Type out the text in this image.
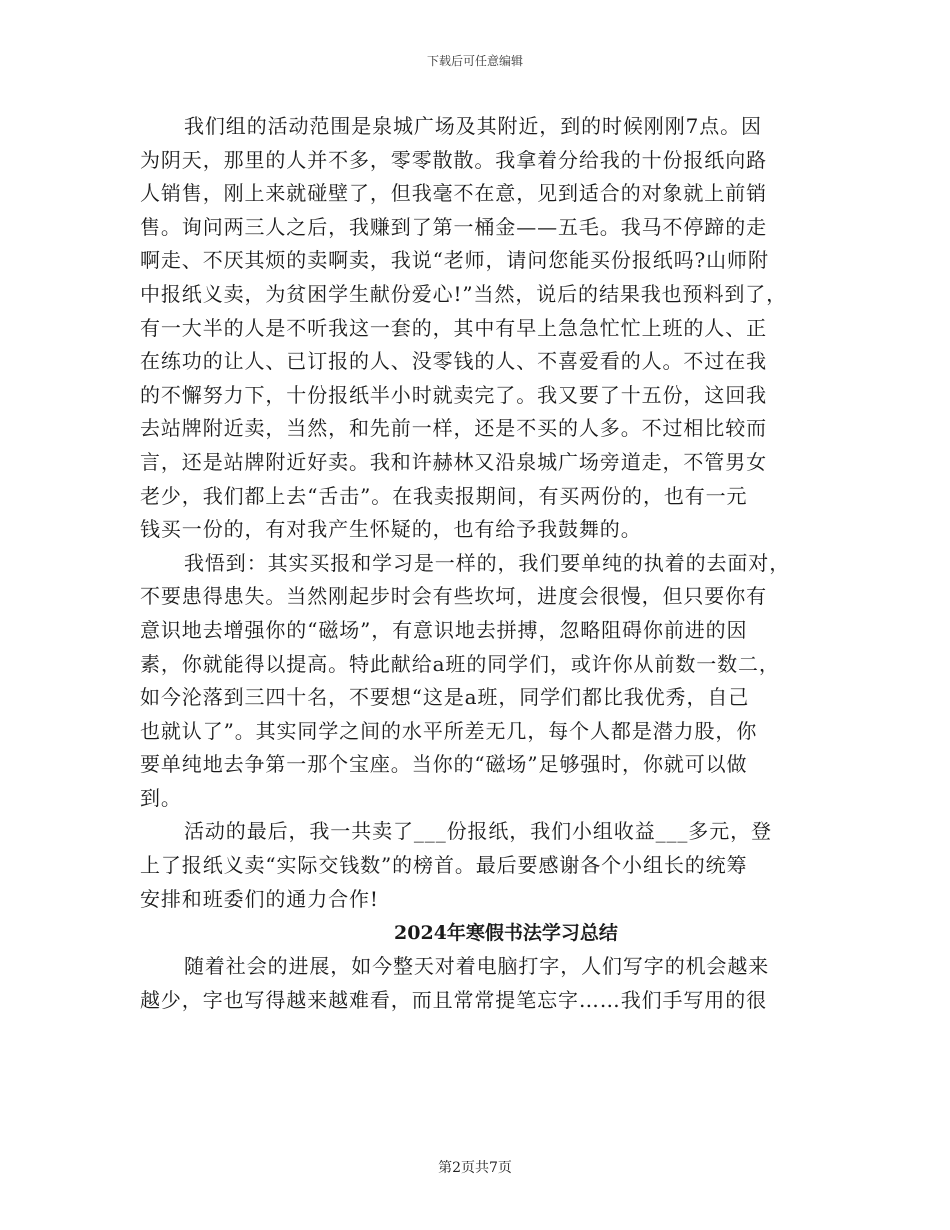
下载后可任意编辑
我们组的活动范围是泉城广场及其附近，到的时候刚刚7点。因
为阴天，那里的人并不多，零零散散。我拿着分给我的十份报纸向路
人销售，刚上来就碰壁了，但我毫不在意，见到适合的对象就上前销
售。询问两三人之后，我赚到了第一桶金——五毛。我马不停蹄的走
啊走、不厌其烦的卖啊卖，我说“老师，请问您能买份报纸吗?山师附
中报纸义卖，为贫困学生献份爱心!”当然，说后的结果我也预料到了，
有一大半的人是不听我这一套的，其中有早上急急忙忙上班的人、正
在练功的让人、已订报的人、没零钱的人、不喜爱看的人。不过在我
的不懈努力下，十份报纸半小时就卖完了。我又要了十五份，这回我
去站牌附近卖，当然，和先前一样，还是不买的人多。不过相比较而
言，还是站牌附近好卖。我和许赫林又沿泉城广场旁道走，不管男女
老少，我们都上去“舌击”。在我卖报期间，有买两份的，也有一元
钱买一份的，有对我产生怀疑的，也有给予我鼓舞的。
我悟到：其实买报和学习是一样的，我们要单纯的执着的去面对，
不要患得患失。当然刚起步时会有些坎坷，进度会很慢，但只要你有
意识地去增强你的“磁场”，有意识地去拼搏，忽略阻碍你前进的因
素，你就能得以提高。特此献给a班的同学们，或许你从前数一数二，
如今沦落到三四十名，不要想“这是a班，同学们都比我优秀，自己
也就认了”。其实同学之间的水平所差无几，每个人都是潜力股，你
要单纯地去争第一那个宝座。当你的“磁场”足够强时，你就可以做
到。
活动的最后，我一共卖了___份报纸，我们小组收益___多元，登
上了报纸义卖“实际交钱数”的榜首。最后要感谢各个小组长的统筹
安排和班委们的通力合作!
2024年寒假书法学习总结
随着社会的进展，如今整天对着电脑打字，人们写字的机会越来
越少，字也写得越来越难看，而且常常提笔忘字……我们手写用的很
第2页共7页
